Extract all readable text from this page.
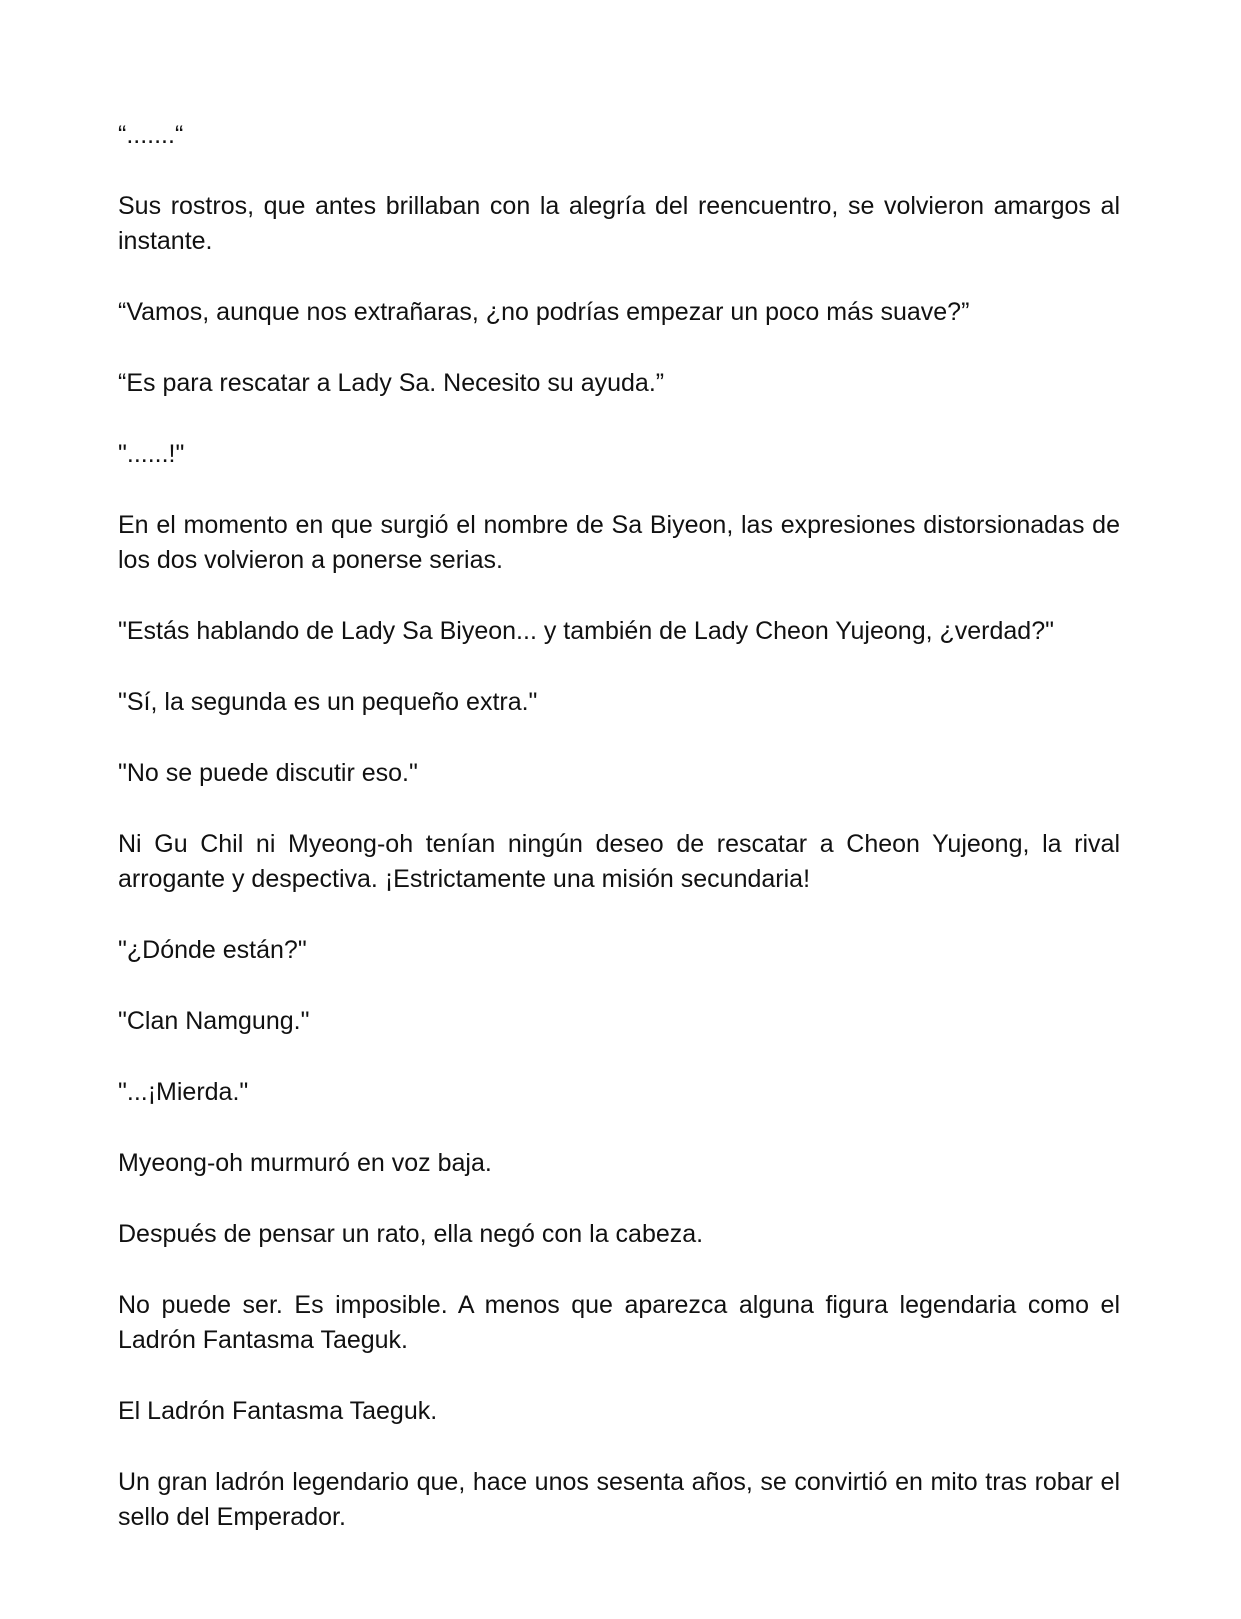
“.......“

Sus rostros, que antes brillaban con la alegría del reencuentro, se volvieron amargos al instante.

“Vamos, aunque nos extrañaras, ¿no podrías empezar un poco más suave?”

“Es para rescatar a Lady Sa. Necesito su ayuda.”

"......!"

En el momento en que surgió el nombre de Sa Biyeon, las expresiones distorsionadas de los dos volvieron a ponerse serias.

"Estás hablando de Lady Sa Biyeon... y también de Lady Cheon Yujeong, ¿verdad?"

"Sí, la segunda es un pequeño extra."

"No se puede discutir eso."

Ni Gu Chil ni Myeong-oh tenían ningún deseo de rescatar a Cheon Yujeong, la rival arrogante y despectiva. ¡Estrictamente una misión secundaria!

"¿Dónde están?"

"Clan Namgung."

"...¡Mierda."

Myeong-oh murmuró en voz baja.

Después de pensar un rato, ella negó con la cabeza.

No puede ser. Es imposible. A menos que aparezca alguna figura legendaria como el Ladrón Fantasma Taeguk.

El Ladrón Fantasma Taeguk.

Un gran ladrón legendario que, hace unos sesenta años, se convirtió en mito tras robar el sello del Emperador.
